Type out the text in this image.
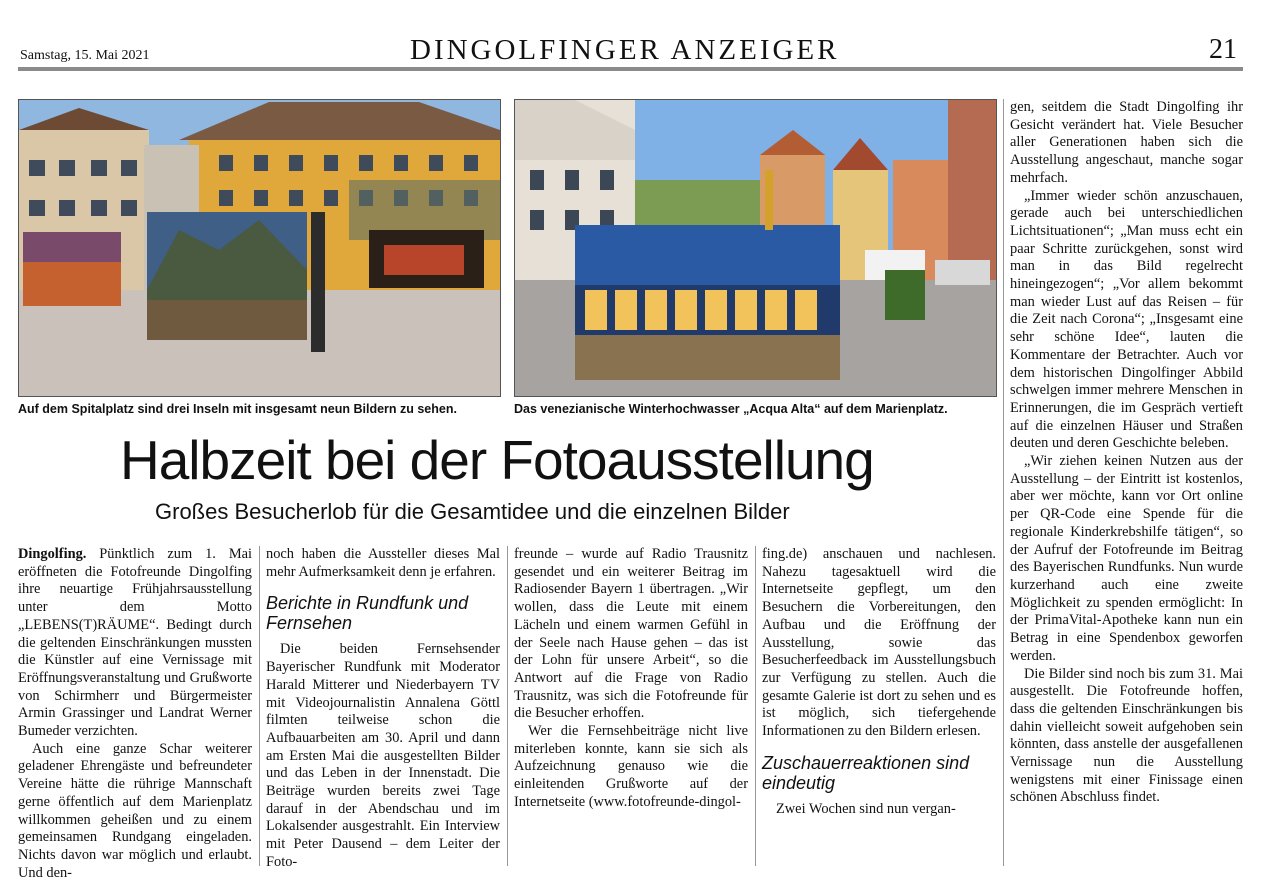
Samstag, 15. Mai 2021	DINGOLFINGER ANZEIGER	21
Auf dem Spitalplatz sind drei Inseln mit insgesamt neun Bildern zu sehen.	Das venezianische Winterhochwasser „Acqua Alta“ auf dem Marienplatz.
Halbzeit bei der Fotoausstellung
Großes Besucherlob für die Gesamtidee und die einzelnen Bilder

Dingolfing. Pünktlich zum 1. Mai eröffneten die Fotofreunde Dingolfing ihre neuartige Frühjahrsausstellung unter dem Motto „LEBENS(T)RÄUME“. Bedingt durch die geltenden Einschränkungen mussten die Künstler auf eine Vernissage mit Eröffnungsveranstaltung und Grußworte von Schirmherr und Bürgermeister Armin Grassinger und Landrat Werner Bumeder verzichten.

Auch eine ganze Schar weiterer geladener Ehrengäste und befreundeter Vereine hätte die rührige Mannschaft gerne öffentlich auf dem Marienplatz willkommen geheißen und zu einem gemeinsamen Rundgang eingeladen. Nichts davon war möglich und erlaubt. Und den-

noch haben die Aussteller dieses Mal mehr Aufmerksamkeit denn je erfahren.

Berichte in Rundfunk und Fernsehen

Die beiden Fernsehsender Bayerischer Rundfunk mit Moderator Harald Mitterer und Niederbayern TV mit Videojournalistin Annalena Göttl filmten teilweise schon die Aufbauarbeiten am 30. April und dann am Ersten Mai die ausgestellten Bilder und das Leben in der Innenstadt. Die Beiträge wurden bereits zwei Tage darauf in der Abendschau und im Lokalsender ausgestrahlt. Ein Interview mit Peter Dausend – dem Leiter der Foto-

freunde – wurde auf Radio Trausnitz gesendet und ein weiterer Beitrag im Radiosender Bayern 1 übertragen. „Wir wollen, dass die Leute mit einem Lächeln und einem warmen Gefühl in der Seele nach Hause gehen – das ist der Lohn für unsere Arbeit“, so die Antwort auf die Frage von Radio Trausnitz, was sich die Fotofreunde für die Besucher erhoffen.

Wer die Fernsehbeiträge nicht live miterleben konnte, kann sie sich als Aufzeichnung genauso wie die einleitenden Grußworte auf der Internetseite (www.fotofreunde-dingol-

fing.de) anschauen und nachlesen. Nahezu tagesaktuell wird die Internetseite gepflegt, um den Besuchern die Vorbereitungen, den Aufbau und die Eröffnung der Ausstellung, sowie das Besucherfeedback im Ausstellungsbuch zur Verfügung zu stellen. Auch die gesamte Galerie ist dort zu sehen und es ist möglich, sich tiefergehende Informationen zu den Bildern erlesen.

Zuschauerreaktionen sind eindeutig

Zwei Wochen sind nun vergan-

gen, seitdem die Stadt Dingolfing ihr Gesicht verändert hat. Viele Besucher aller Generationen haben sich die Ausstellung angeschaut, manche sogar mehrfach.

„Immer wieder schön anzuschauen, gerade auch bei unterschiedlichen Lichtsituationen“; „Man muss echt ein paar Schritte zurückgehen, sonst wird man in das Bild regelrecht hineingezogen“; „Vor allem bekommt man wieder Lust auf das Reisen – für die Zeit nach Corona“; „Insgesamt eine sehr schöne Idee“, lauten die Kommentare der Betrachter. Auch vor dem historischen Dingolfinger Abbild schwelgen immer mehrere Menschen in Erinnerungen, die im Gespräch vertieft auf die einzelnen Häuser und Straßen deuten und deren Geschichte beleben.

„Wir ziehen keinen Nutzen aus der Ausstellung – der Eintritt ist kostenlos, aber wer möchte, kann vor Ort online per QR-Code eine Spende für die regionale Kinderkrebshilfe tätigen“, so der Aufruf der Fotofreunde im Beitrag des Bayerischen Rundfunks. Nun wurde kurzerhand auch eine zweite Möglichkeit zu spenden ermöglicht: In der PrimaVital-Apotheke kann nun ein Betrag in eine Spendenbox geworfen werden.

Die Bilder sind noch bis zum 31. Mai ausgestellt. Die Fotofreunde hoffen, dass die geltenden Einschränkungen bis dahin vielleicht soweit aufgehoben sein könnten, dass anstelle der ausgefallenen Vernissage nun die Ausstellung wenigstens mit einer Finissage einen schönen Abschluss findet.
